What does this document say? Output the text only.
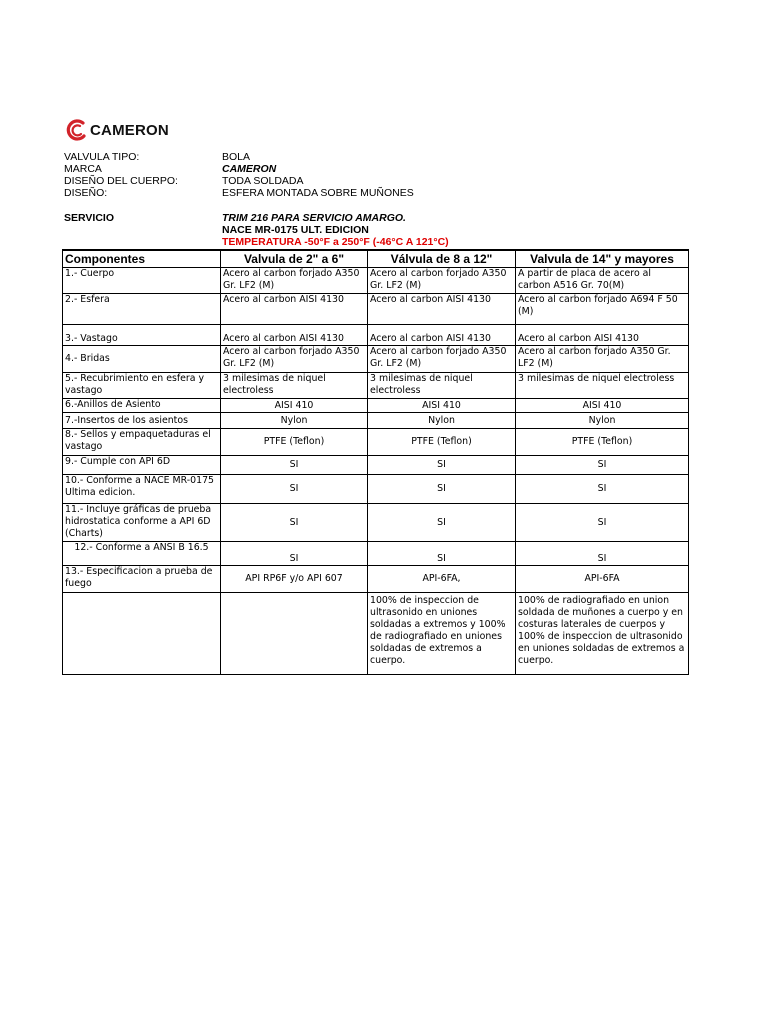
CAMERON
VALVULA TIPO:	BOLA
MARCA	CAMERON
DISEÑO DEL CUERPO:	TODA SOLDADA
DISEÑO:	ESFERA MONTADA SOBRE MUÑONES
SERVICIO	TRIM 216 PARA SERVICIO AMARGO.
NACE MR-0175 ULT. EDICION
TEMPERATURA -50°F a 250°F (-46°C A 121°C)
Componentes	Valvula de 2" a 6"	Válvula de 8 a 12"	Valvula de 14" y mayores
1.- Cuerpo	Acero al carbon forjado A350 Gr. LF2 (M)	Acero al carbon forjado A350 Gr. LF2 (M)	A partir de placa de acero al carbon A516 Gr. 70(M)
2.- Esfera	Acero al carbon AISI 4130	Acero al carbon AISI 4130	Acero al carbon forjado A694 F 50 (M)
3.- Vastago	Acero al carbon AISI 4130	Acero al carbon AISI 4130	Acero al carbon AISI 4130
4.- Bridas	Acero al carbon forjado A350 Gr. LF2 (M)	Acero al carbon forjado A350 Gr. LF2 (M)	Acero al carbon forjado A350 Gr. LF2 (M)
5.- Recubrimiento en esfera y vastago	3 milesimas de niquel electroless	3 milesimas de niquel electroless	3 milesimas de niquel electroless
6.-Anillos de Asiento	AISI 410	AISI 410	AISI 410
7.-Insertos de los asientos	Nylon	Nylon	Nylon
8.- Sellos y empaquetaduras el vastago	PTFE (Teflon)	PTFE (Teflon)	PTFE (Teflon)
9.- Cumple con API 6D	SI	SI	SI
10.- Conforme a NACE MR-0175 Ultima edicion.	SI	SI	SI
11.- Incluye gráficas de prueba hidrostatica conforme a API 6D (Charts)	SI	SI	SI
12.- Conforme a ANSI B 16.5	SI	SI	SI
13.- Especificacion a prueba de fuego	API RP6F y/o API 607	API-6FA,	API-6FA
		100% de inspeccion de ultrasonido en uniones soldadas a extremos y 100% de radiografiado en uniones soldadas de extremos a cuerpo.	100% de radiografiado en union soldada de muñones a cuerpo y en costuras laterales de cuerpos y 100% de inspeccion de ultrasonido en uniones soldadas de extremos a cuerpo.
